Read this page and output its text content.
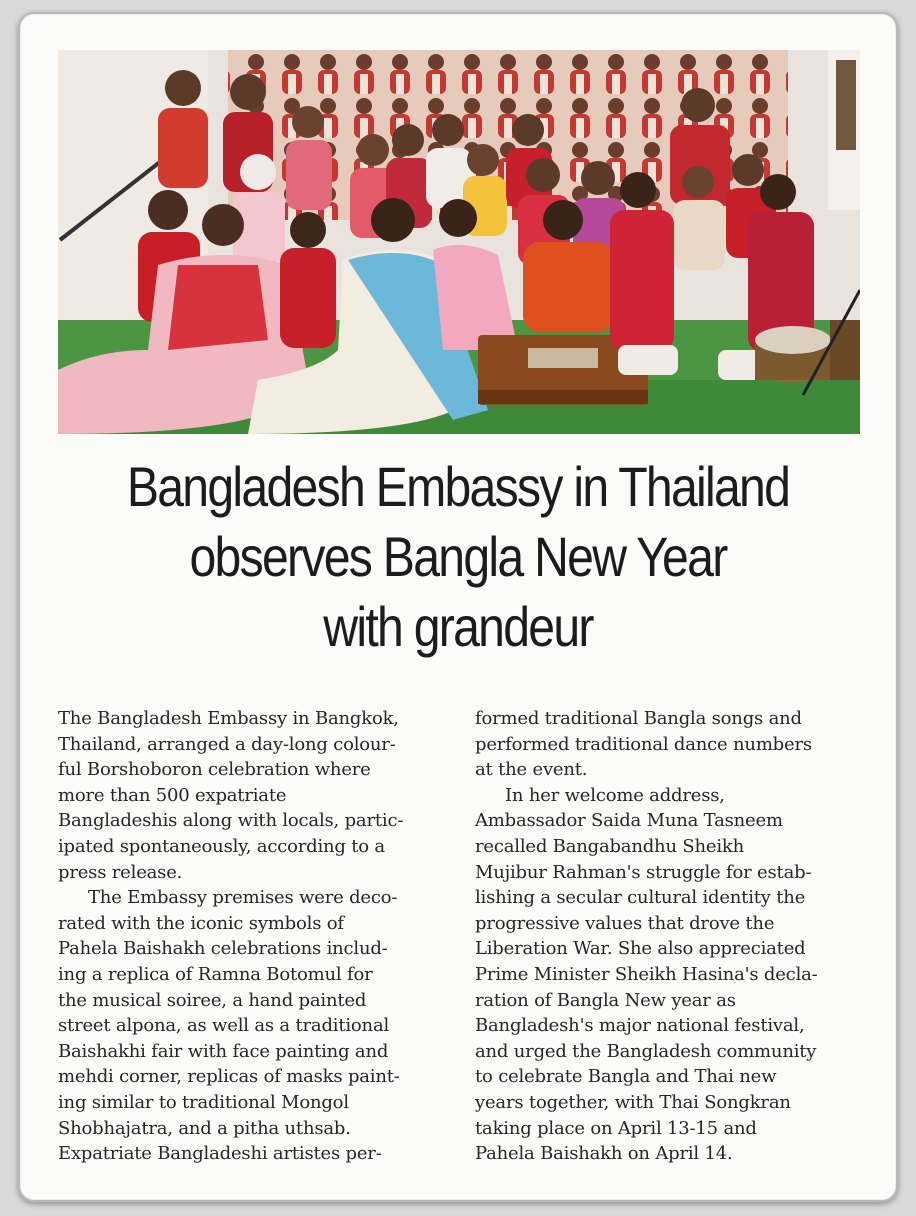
Bangladesh Embassy in Thailand
observes Bangla New Year
with grandeur
The Bangladesh Embassy in Bangkok,
Thailand, arranged a day-long colour-
ful Borshoboron celebration where
more than 500 expatriate
Bangladeshis along with locals, partic-
ipated spontaneously, according to a
press release.
The Embassy premises were deco-
rated with the iconic symbols of
Pahela Baishakh celebrations includ-
ing a replica of Ramna Botomul for
the musical soiree, a hand painted
street alpona, as well as a traditional
Baishakhi fair with face painting and
mehdi corner, replicas of masks paint-
ing similar to traditional Mongol
Shobhajatra, and a pitha uthsab.
Expatriate Bangladeshi artistes per-
formed traditional Bangla songs and
performed traditional dance numbers
at the event.
In her welcome address,
Ambassador Saida Muna Tasneem
recalled Bangabandhu Sheikh
Mujibur Rahman's struggle for estab-
lishing a secular cultural identity the
progressive values that drove the
Liberation War. She also appreciated
Prime Minister Sheikh Hasina's decla-
ration of Bangla New year as
Bangladesh's major national festival,
and urged the Bangladesh community
to celebrate Bangla and Thai new
years together, with Thai Songkran
taking place on April 13-15 and
Pahela Baishakh on April 14.
